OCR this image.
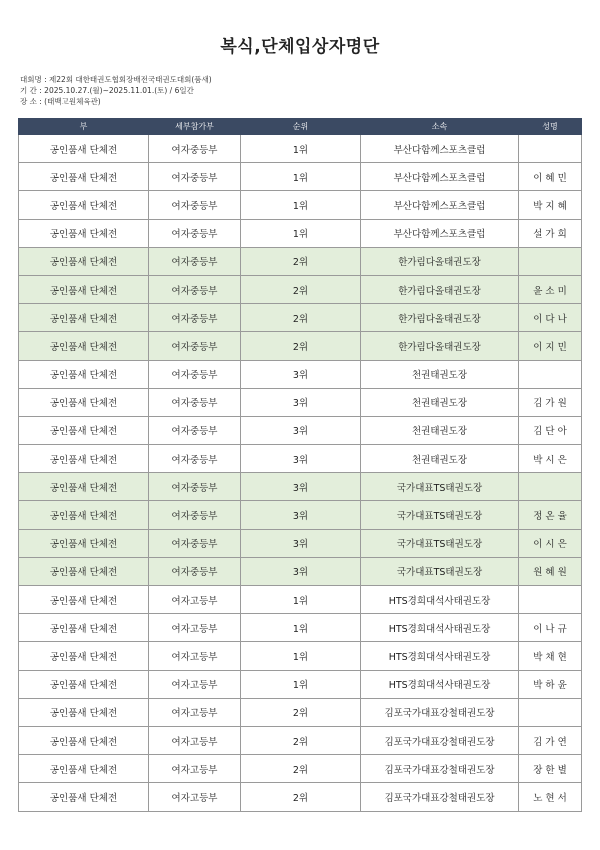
복식,단체입상자명단
대회명 : 제22회 대한태권도협회장배전국태권도대회(품새)
기 간 : 2025.10.27.(월)~2025.11.01.(토) / 6일간
장 소 : (태백고원체육관)
부	세부참가부	순위	소속	성명
공인품새 단체전	여자중등부	1위	부산다함께스포츠클럽	
공인품새 단체전	여자중등부	1위	부산다함께스포츠클럽	이 혜 민
공인품새 단체전	여자중등부	1위	부산다함께스포츠클럽	박 지 혜
공인품새 단체전	여자중등부	1위	부산다함께스포츠클럽	설 가 희
공인품새 단체전	여자중등부	2위	한가림다올태권도장	
공인품새 단체전	여자중등부	2위	한가림다올태권도장	윤 소 미
공인품새 단체전	여자중등부	2위	한가림다올태권도장	이 다 나
공인품새 단체전	여자중등부	2위	한가림다올태권도장	이 지 민
공인품새 단체전	여자중등부	3위	천권태권도장	
공인품새 단체전	여자중등부	3위	천권태권도장	김 가 원
공인품새 단체전	여자중등부	3위	천권태권도장	김 단 아
공인품새 단체전	여자중등부	3위	천권태권도장	박 시 은
공인품새 단체전	여자중등부	3위	국가대표TS태권도장	
공인품새 단체전	여자중등부	3위	국가대표TS태권도장	정 온 율
공인품새 단체전	여자중등부	3위	국가대표TS태권도장	이 시 은
공인품새 단체전	여자중등부	3위	국가대표TS태권도장	원 혜 원
공인품새 단체전	여자고등부	1위	HTS경희대석사태권도장	
공인품새 단체전	여자고등부	1위	HTS경희대석사태권도장	이 나 규
공인품새 단체전	여자고등부	1위	HTS경희대석사태권도장	박 채 현
공인품새 단체전	여자고등부	1위	HTS경희대석사태권도장	박 하 윤
공인품새 단체전	여자고등부	2위	김포국가대표강철태권도장	
공인품새 단체전	여자고등부	2위	김포국가대표강철태권도장	김 가 연
공인품새 단체전	여자고등부	2위	김포국가대표강철태권도장	장 한 별
공인품새 단체전	여자고등부	2위	김포국가대표강철태권도장	노 현 서
